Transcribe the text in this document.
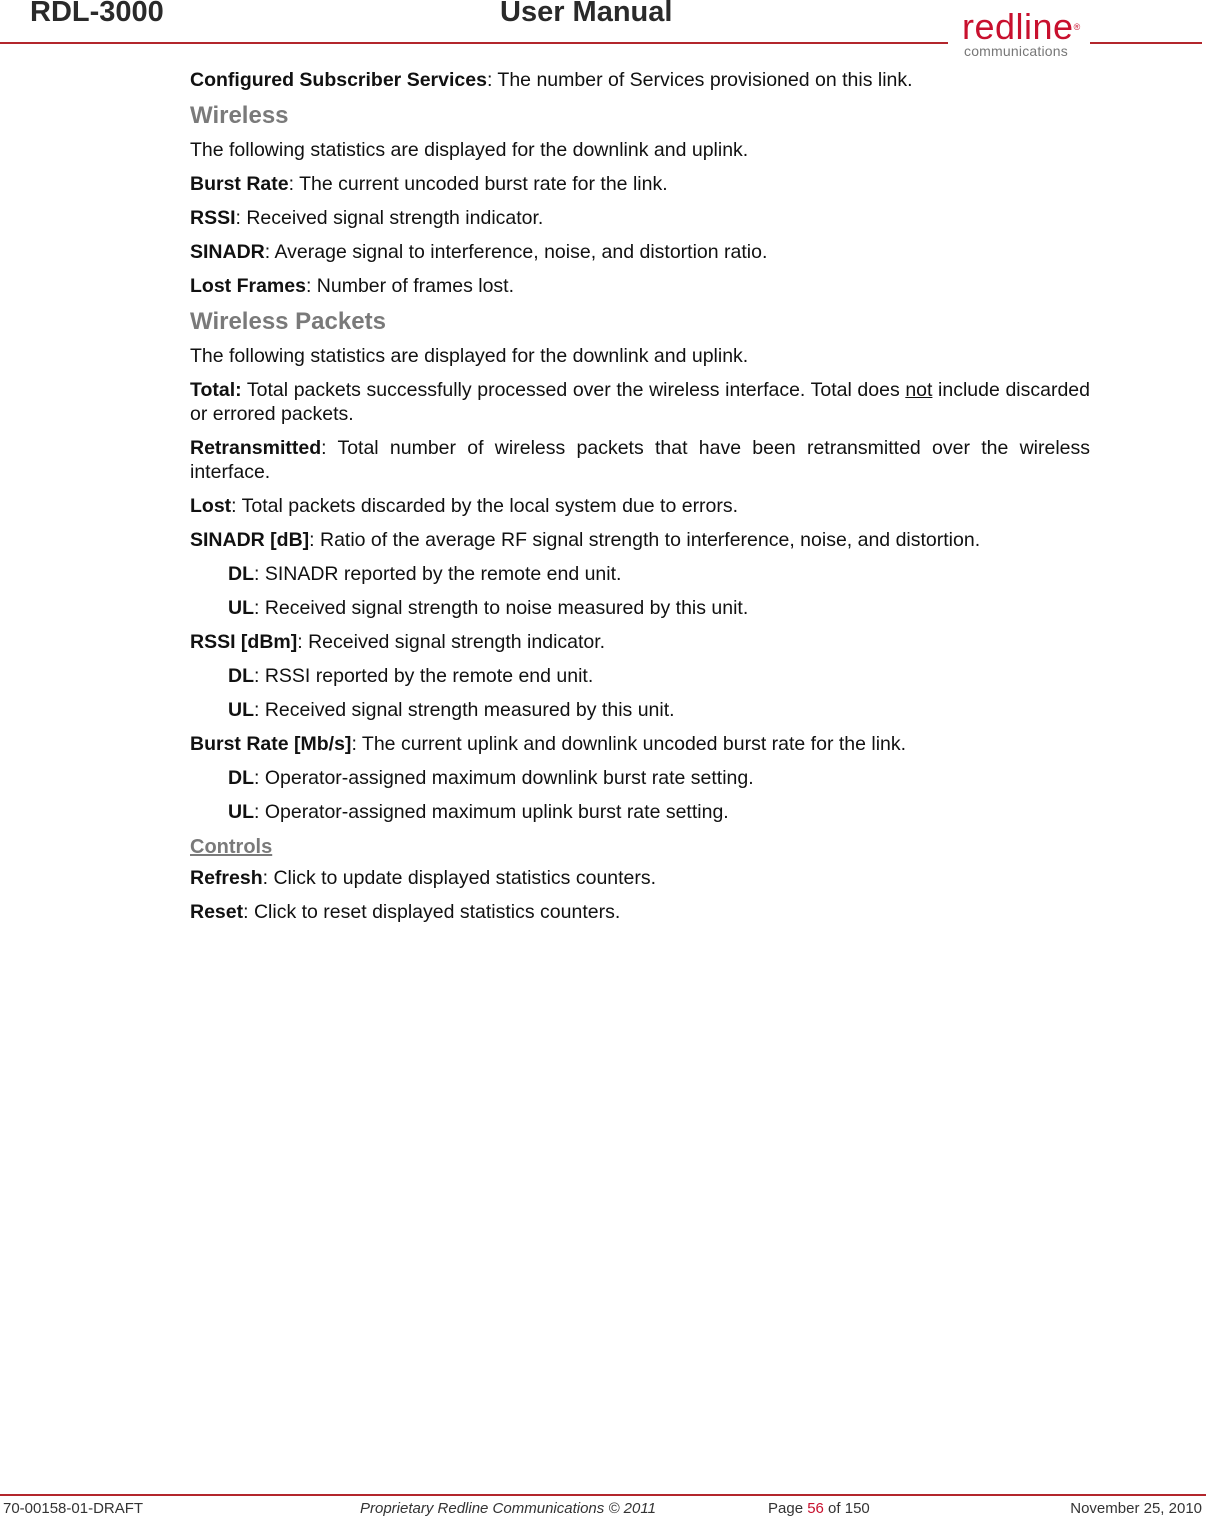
RDL-3000	User Manual	redline®
communications

Configured Subscriber Services: The number of Services provisioned on this link.

Wireless

The following statistics are displayed for the downlink and uplink.

Burst Rate: The current uncoded burst rate for the link.

RSSI: Received signal strength indicator.

SINADR: Average signal to interference, noise, and distortion ratio.

Lost Frames: Number of frames lost.

Wireless Packets

The following statistics are displayed for the downlink and uplink.

Total: Total packets successfully processed over the wireless interface. Total does not include discarded or errored packets.

Retransmitted: Total number of wireless packets that have been retransmitted over the wireless interface.

Lost: Total packets discarded by the local system due to errors.

SINADR [dB]: Ratio of the average RF signal strength to interference, noise, and distortion.

DL: SINADR reported by the remote end unit.

UL: Received signal strength to noise measured by this unit.

RSSI [dBm]: Received signal strength indicator.

DL: RSSI reported by the remote end unit.

UL: Received signal strength measured by this unit.

Burst Rate [Mb/s]: The current uplink and downlink uncoded burst rate for the link.

DL: Operator-assigned maximum downlink burst rate setting.

UL: Operator-assigned maximum uplink burst rate setting.

Controls

Refresh: Click to update displayed statistics counters.

Reset: Click to reset displayed statistics counters.

70-00158-01-DRAFT	Proprietary Redline Communications © 2011	Page 56 of 150	November 25, 2010
